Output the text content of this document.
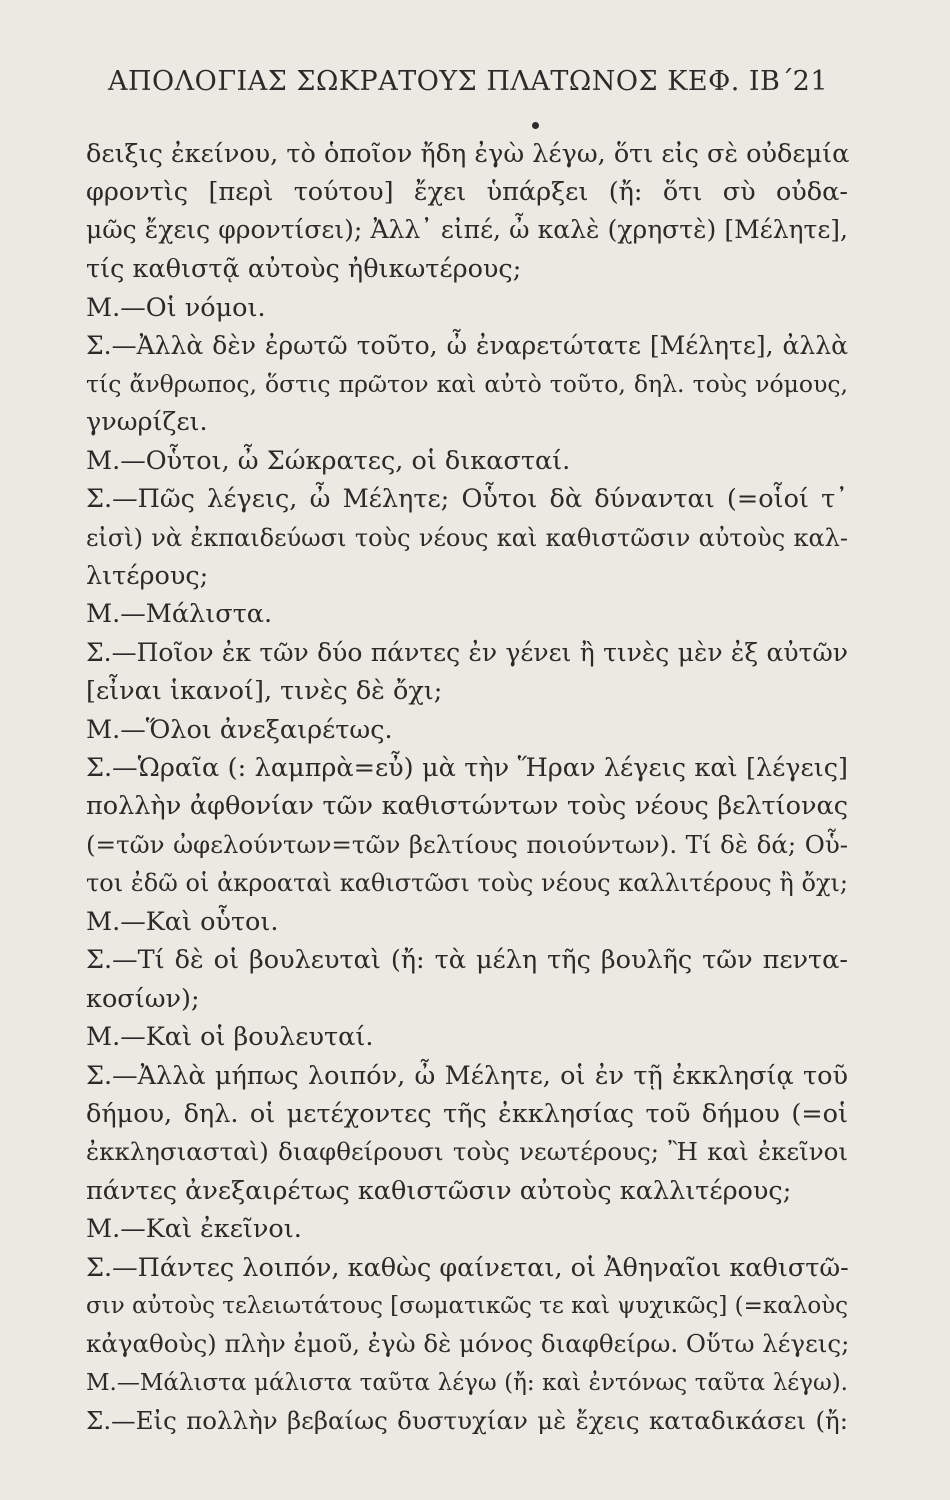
ΑΠΟΛΟΓΙΑΣ ΣΩΚΡΑΤΟΥΣ ΠΛΑΤΩΝΟΣ ΚΕΦ. ΙΒ΄
21
δειξις ἐκείνου, τὸ ὁποῖον ἤδη ἐγὼ λέγω, ὅτι εἰς σὲ οὐδεμία
φροντὶς [περὶ τούτου] ἔχει ὑπάρξει (ἤ: ὅτι σὺ οὐδα-
μῶς ἔχεις φροντίσει); Ἀλλ᾽ εἰπέ, ὦ καλὲ (χρηστὲ) [Μέλητε],
τίς καθιστᾷ αὐτοὺς ἠθικωτέρους;
Μ.—Οἱ νόμοι.
Σ.—Ἀλλὰ δὲν ἐρωτῶ τοῦτο, ὦ ἐναρετώτατε [Μέλητε], ἀλλὰ
τίς ἄνθρωπος, ὅστις πρῶτον καὶ αὐτὸ τοῦτο, δηλ. τοὺς νόμους,
γνωρίζει.
Μ.—Οὗτοι, ὦ Σώκρατες, οἱ δικασταί.
Σ.—Πῶς λέγεις, ὦ Μέλητε; Οὗτοι δὰ δύνανται (=οἷοί τ᾽
εἰσὶ) νὰ ἐκπαιδεύωσι τοὺς νέους καὶ καθιστῶσιν αὐτοὺς καλ-
λιτέρους;
Μ.—Μάλιστα.
Σ.—Ποῖον ἐκ τῶν δύο πάντες ἐν γένει ἢ τινὲς μὲν ἐξ αὐτῶν
[εἶναι ἱκανοί], τινὲς δὲ ὄχι;
Μ.—Ὅλοι ἀνεξαιρέτως.
Σ.—Ὡραῖα (: λαμπρὰ=εὖ) μὰ τὴν Ἥραν λέγεις καὶ [λέγεις]
πολλὴν ἀφθονίαν τῶν καθιστώντων τοὺς νέους βελτίονας
(=τῶν ὠφελούντων=τῶν βελτίους ποιούντων). Τί δὲ δά; Οὗ-
τοι ἐδῶ οἱ ἀκροαταὶ καθιστῶσι τοὺς νέους καλλιτέρους ἢ ὄχι;
Μ.—Καὶ οὗτοι.
Σ.—Τί δὲ οἱ βουλευταὶ (ἤ: τὰ μέλη τῆς βουλῆς τῶν πεντα-
κοσίων);
Μ.—Καὶ οἱ βουλευταί.
Σ.—Ἀλλὰ μήπως λοιπόν, ὦ Μέλητε, οἱ ἐν τῇ ἐκκλησίᾳ τοῦ
δήμου, δηλ. οἱ μετέχοντες τῆς ἐκκλησίας τοῦ δήμου (=οἱ
ἐκκλησιασταὶ) διαφθείρουσι τοὺς νεωτέρους; Ἢ καὶ ἐκεῖνοι
πάντες ἀνεξαιρέτως καθιστῶσιν αὐτοὺς καλλιτέρους;
Μ.—Καὶ ἐκεῖνοι.
Σ.—Πάντες λοιπόν, καθὼς φαίνεται, οἱ Ἀθηναῖοι καθιστῶ-
σιν αὐτοὺς τελειωτάτους [σωματικῶς τε καὶ ψυχικῶς] (=καλοὺς
κἀγαθοὺς) πλὴν ἐμοῦ, ἐγὼ δὲ μόνος διαφθείρω. Οὕτω λέγεις;
Μ.—Μάλιστα μάλιστα ταῦτα λέγω (ἤ: καὶ ἐντόνως ταῦτα λέγω).
Σ.—Εἰς πολλὴν βεβαίως δυστυχίαν μὲ ἔχεις καταδικάσει (ἤ:
